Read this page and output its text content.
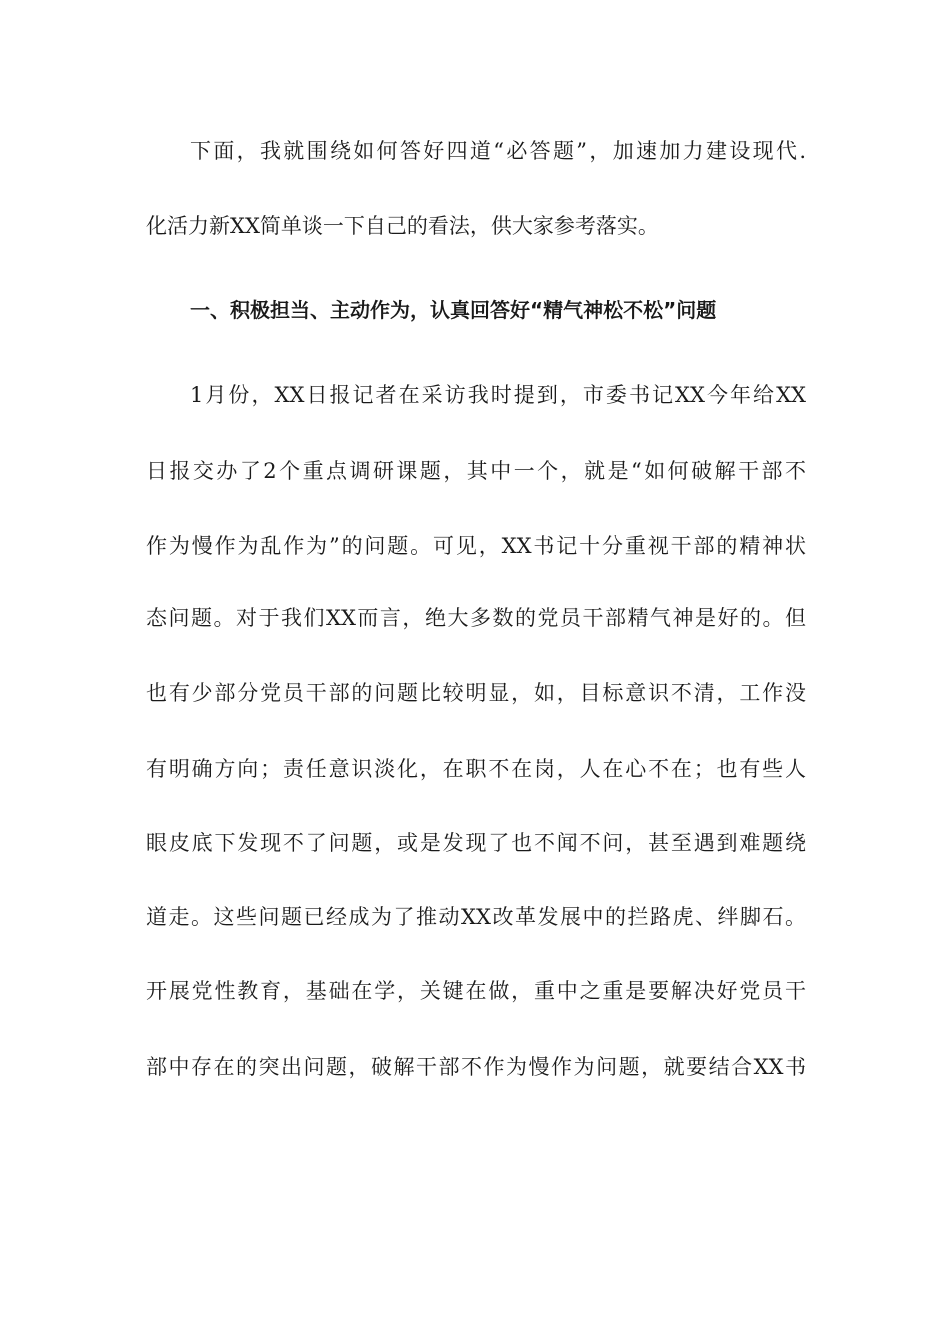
下面，我就围绕如何答好四道“必答题”，加速加力建设现代.
化活力新XX简单谈一下自己的看法，供大家参考落实。
一、积极担当、主动作为，认真回答好“精气神松不松”问题
1月份，XX日报记者在采访我时提到，市委书记XX今年给XX
日报交办了2个重点调研课题，其中一个，就是“如何破解干部不
作为慢作为乱作为”的问题。可见，XX书记十分重视干部的精神状
态问题。对于我们XX而言，绝大多数的党员干部精气神是好的。但
也有少部分党员干部的问题比较明显，如，目标意识不清，工作没
有明确方向；责任意识淡化，在职不在岗，人在心不在；也有些人
眼皮底下发现不了问题，或是发现了也不闻不问，甚至遇到难题绕
道走。这些问题已经成为了推动XX改革发展中的拦路虎、绊脚石。
开展党性教育，基础在学，关键在做，重中之重是要解决好党员干
部中存在的突出问题，破解干部不作为慢作为问题，就要结合XX书
